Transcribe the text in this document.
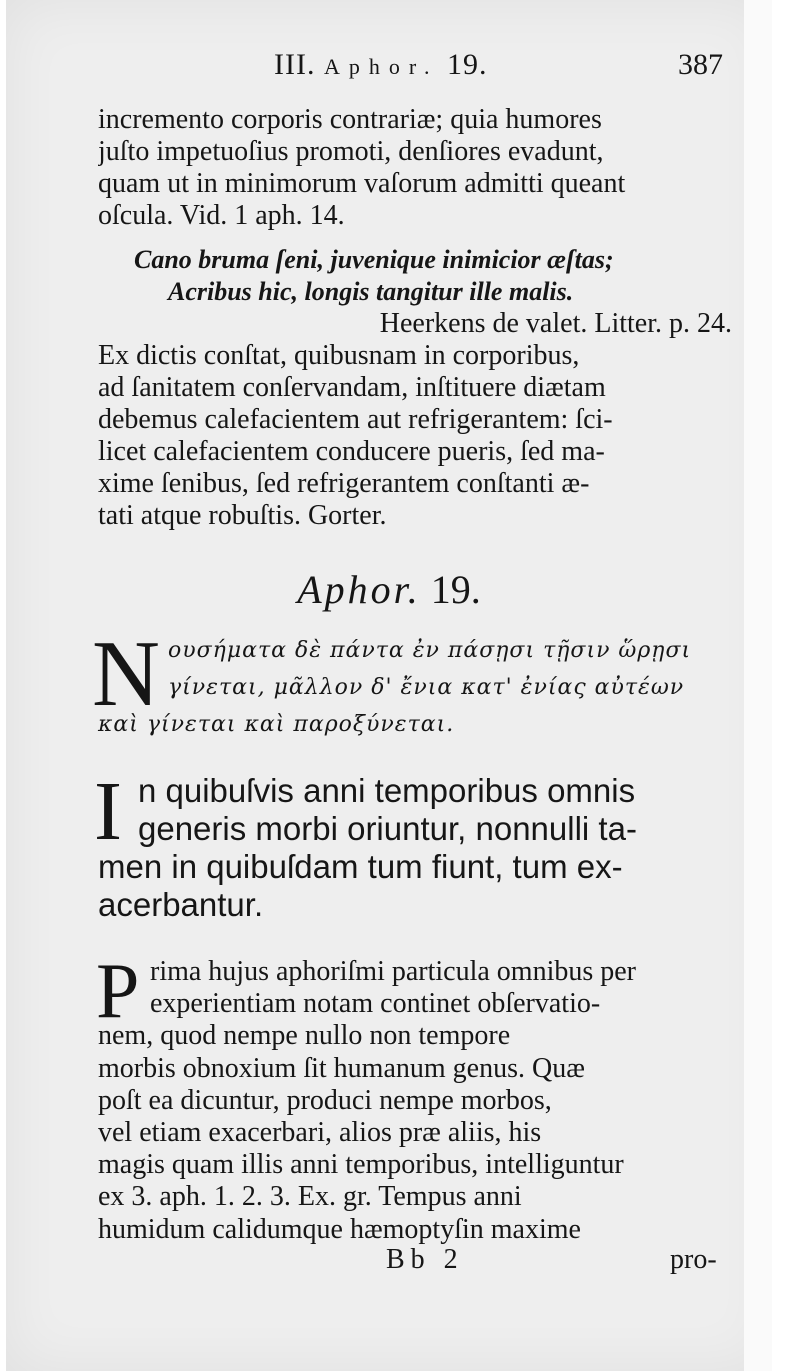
III. Aphor. 19.	387
incremento corporis contrariæ; quia humores
juſto impetuoſius promoti, denſiores evadunt,
quam ut in minimorum vaſorum admitti queant
oſcula. Vid. 1 aph. 14.
Cano bruma ſeni, juvenique inimicior æſtas;
Acribus hic, longis tangitur ille malis.
Heerkens de valet. Litter. p. 24.
Ex dictis conſtat, quibusnam in corporibus,
ad ſanitatem conſervandam, inſtituere diætam
debemus calefacientem aut refrigerantem: ſci-
licet calefacientem conducere pueris, ſed ma-
xime ſenibus, ſed refrigerantem conſtanti æ-
tati atque robuſtis. Gorter.
Aphor. 19.
N ουσήματα δὲ πάντα ἐν πάσῃσι τῇσιν ὥρῃσι
γίνεται, μᾶλλον δ' ἔνια κατ' ἐνίας αὐτέων
καὶ γίνεται καὶ παροξύνεται.
I n quibuſvis anni temporibus omnis
generis morbi oriuntur, nonnulli ta-
men in quibuſdam tum fiunt, tum ex-
acerbantur.
P rima hujus aphoriſmi particula omnibus per
experientiam notam continet obſervatio-
nem, quod nempe nullo non tempore
morbis obnoxium ſit humanum genus. Quæ
poſt ea dicuntur, produci nempe morbos,
vel etiam exacerbari, alios præ aliis, his
magis quam illis anni temporibus, intelliguntur
ex 3. aph. 1. 2. 3. Ex. gr. Tempus anni
humidum calidumque hæmoptyſin maxime
Bb 2	pro-
